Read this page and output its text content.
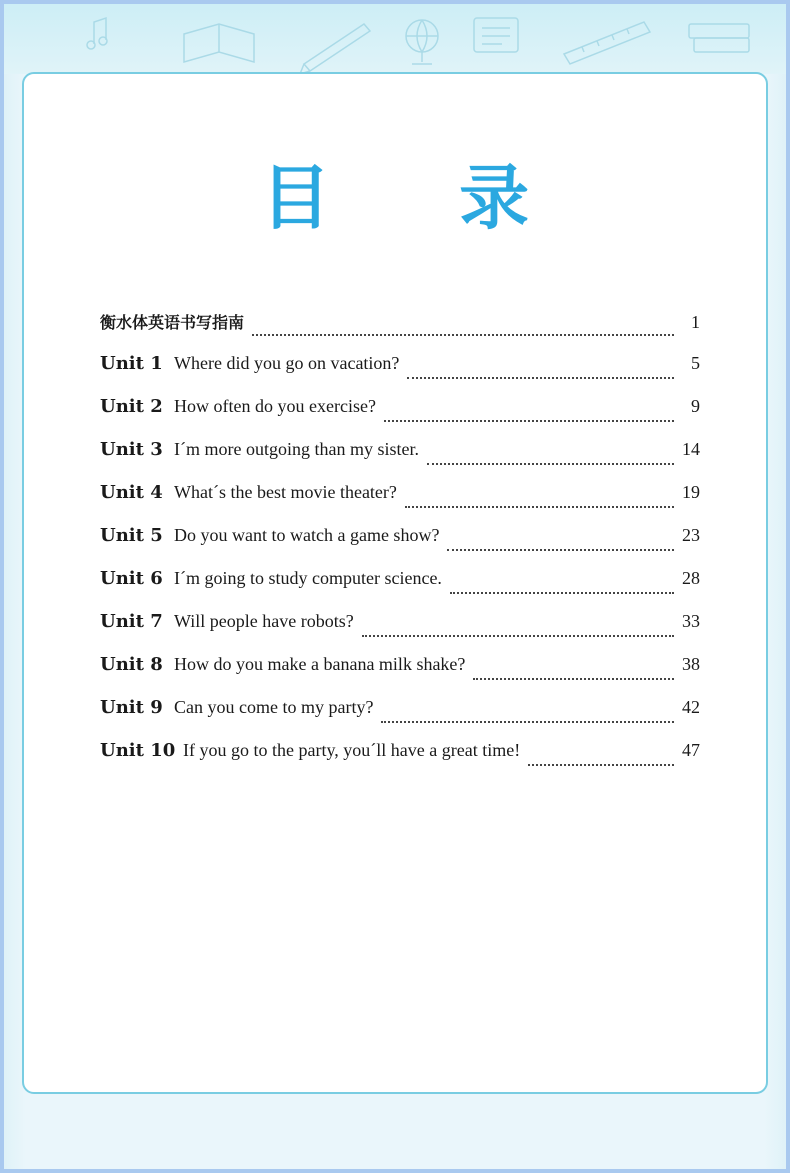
目 录
衡水体英语书写指南	1
Unit 1 Where did you go on vacation?	5
Unit 2 How often do you exercise?	9
Unit 3 I´m more outgoing than my sister.	14
Unit 4 What´s the best movie theater?	19
Unit 5 Do you want to watch a game show?	23
Unit 6 I´m going to study computer science.	28
Unit 7 Will people have robots?	33
Unit 8 How do you make a banana milk shake?	38
Unit 9 Can you come to my party?	42
Unit 10 If you go to the party, you´ll have a great time!	47
